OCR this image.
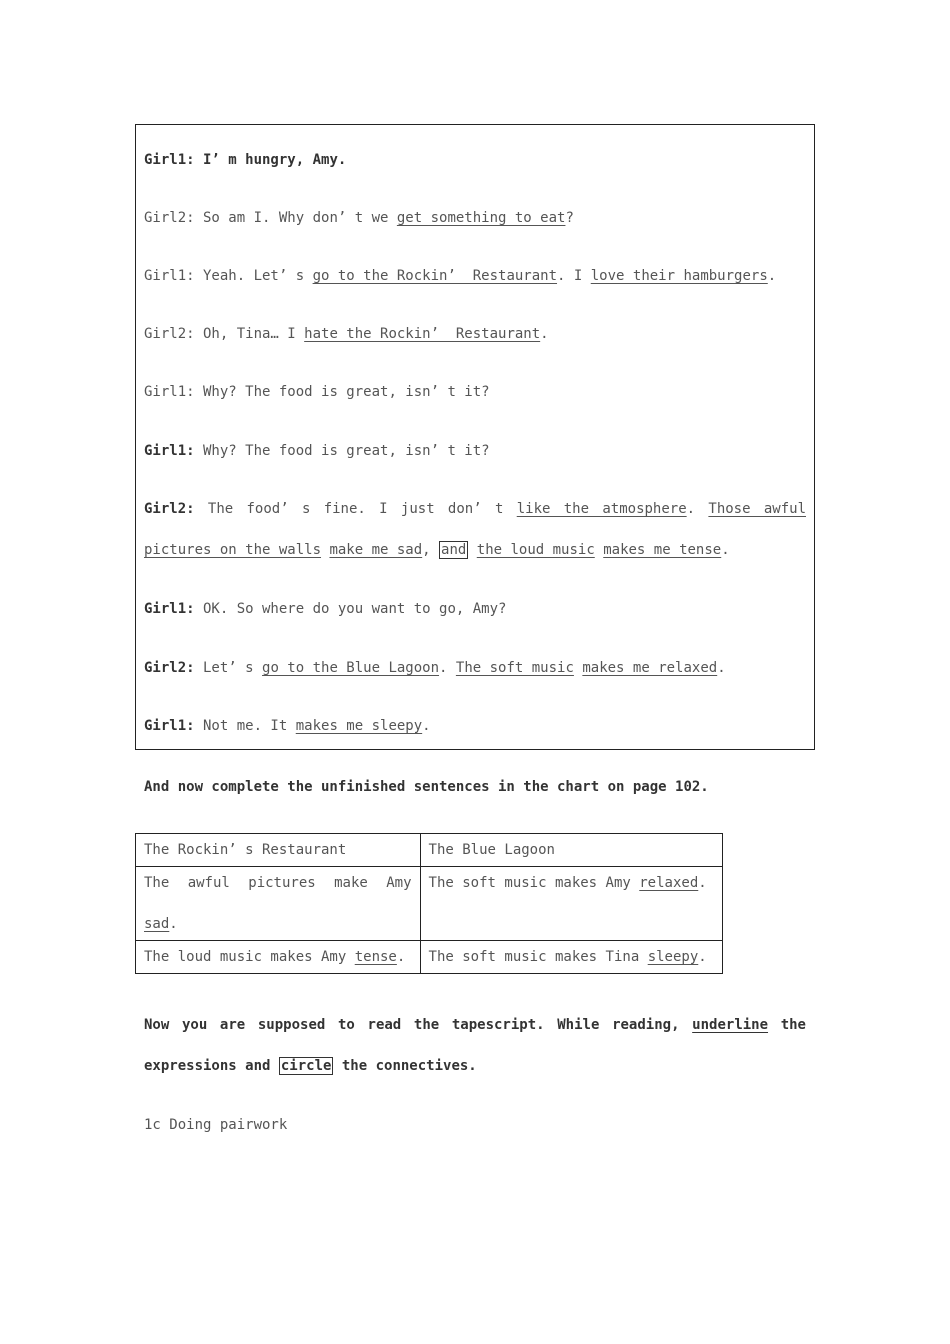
Girl1: I’ m hungry, Amy.
Girl2: So am I. Why don’ t we get something to eat?
Girl1: Yeah. Let’ s go to the Rockin’  Restaurant. I love their hamburgers.
Girl2: Oh, Tina… I hate the Rockin’  Restaurant.
Girl1: Why? The food is great, isn’ t it?
Girl1: Why? The food is great, isn’ t it?
Girl2: The food’ s fine. I just don’ t like the atmosphere. Those awful
pictures on the walls make me sad, and the loud music makes me tense.
Girl1: OK. So where do you want to go, Amy?
Girl2: Let’ s go to the Blue Lagoon. The soft music makes me relaxed.
Girl1: Not me. It makes me sleepy.
And now complete the unfinished sentences in the chart on page 102.
The Rockin’ s Restaurant	The Blue Lagoon

The awful pictures make Amy
sad.	The soft music makes Amy relaxed.
The loud music makes Amy tense.	The soft music makes Tina sleepy.
Now you are supposed to read the tapescript. While reading, underline the
expressions and circle the connectives.
1c Doing pairwork
